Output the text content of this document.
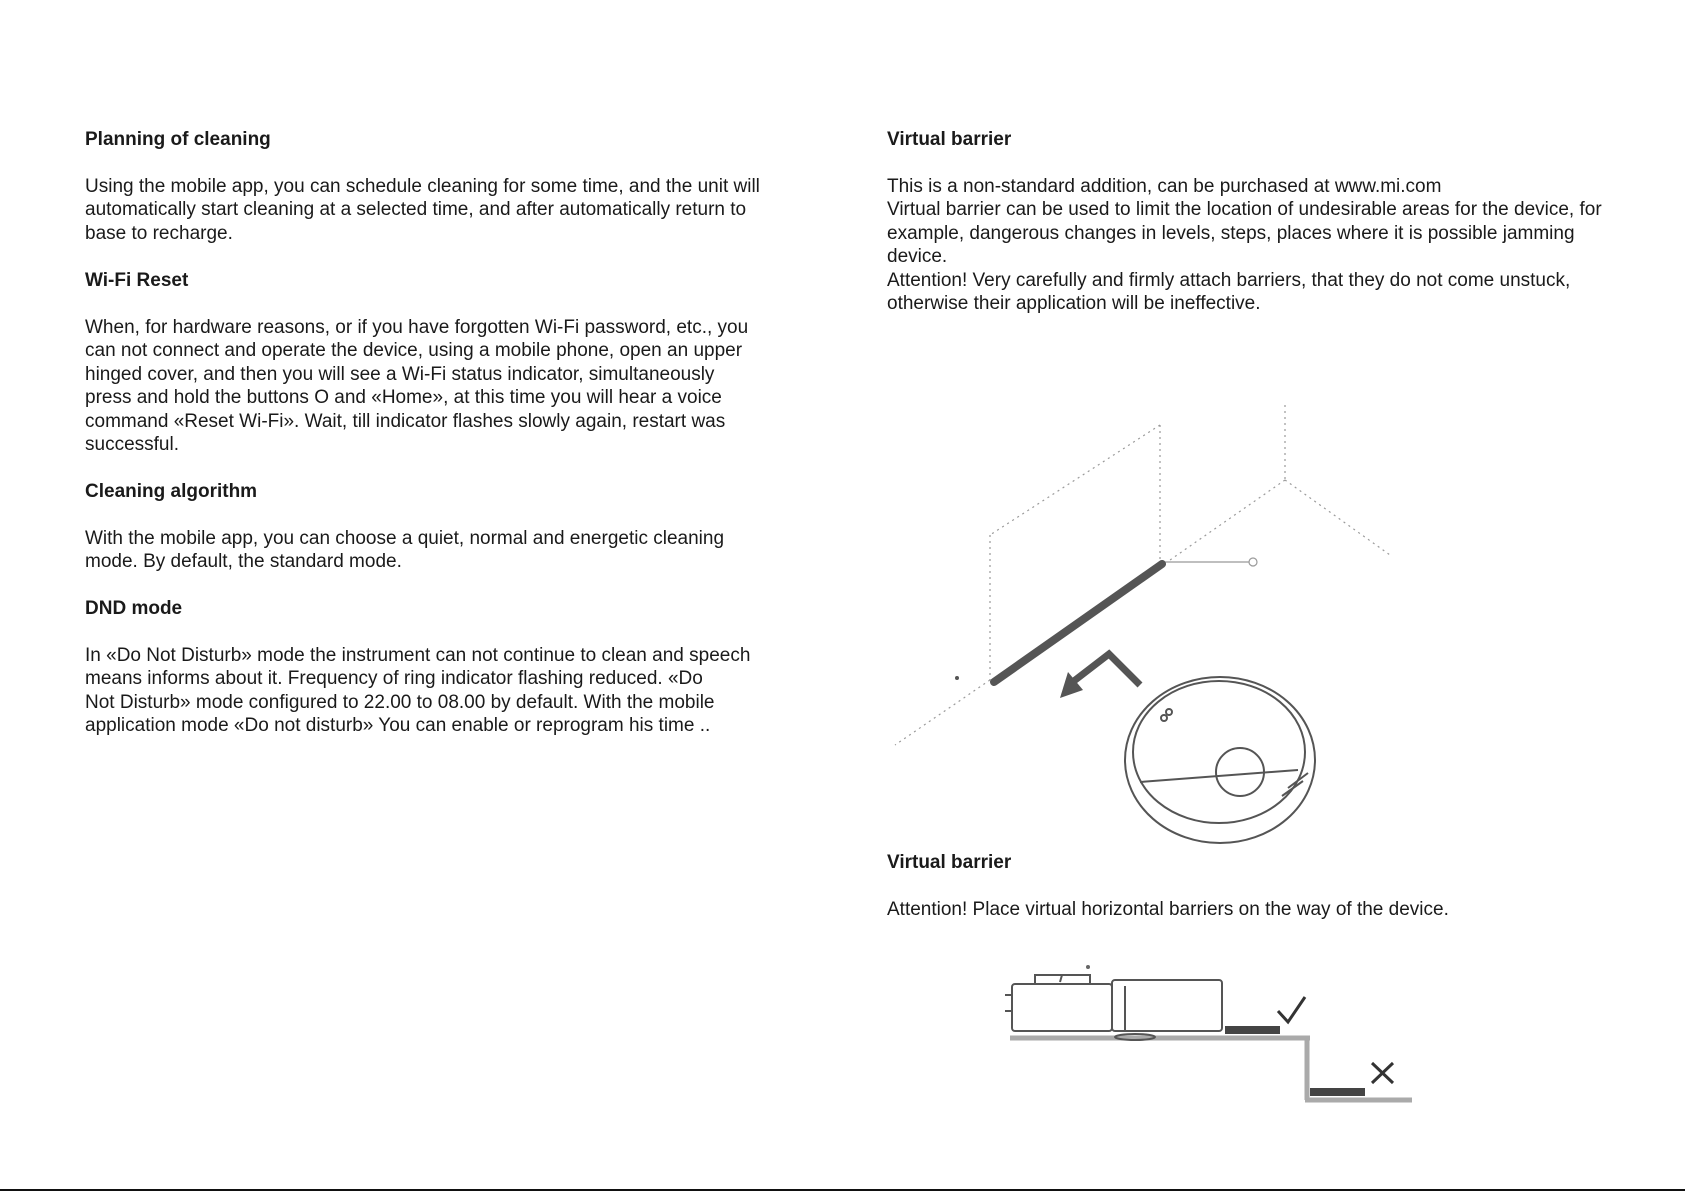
Planning of cleaning
Using the mobile app, you can schedule cleaning for some time, and the unit will
automatically start cleaning at a selected time, and after automatically return to
base to recharge.
Wi-Fi Reset
When, for hardware reasons, or if you have forgotten Wi-Fi password, etc., you
can not connect and operate the device, using a mobile phone, open an upper
hinged cover, and then you will see a Wi-Fi status indicator, simultaneously
press and hold the buttons O and «Home», at this time you will hear a voice
command «Reset Wi-Fi». Wait, till indicator flashes slowly again, restart was
successful.
Cleaning algorithm
With the mobile app, you can choose a quiet, normal and energetic cleaning
mode. By default, the standard mode.
DND mode
In «Do Not Disturb» mode the instrument can not continue to clean and speech
means informs about it. Frequency of ring indicator flashing reduced. «Do
Not Disturb» mode configured to 22.00 to 08.00 by default. With the mobile
application mode «Do not disturb» You can enable or reprogram his time ..
Virtual barrier
This is a non-standard addition, can be purchased at www.mi.com
Virtual barrier can be used to limit the location of undesirable areas for the device, for
example, dangerous changes in levels, steps, places where it is possible jamming
device.
Attention! Very carefully and firmly attach barriers, that they do not come unstuck,
otherwise their application will be ineffective.
Virtual barrier
Attention! Place virtual horizontal barriers on the way of the device.
